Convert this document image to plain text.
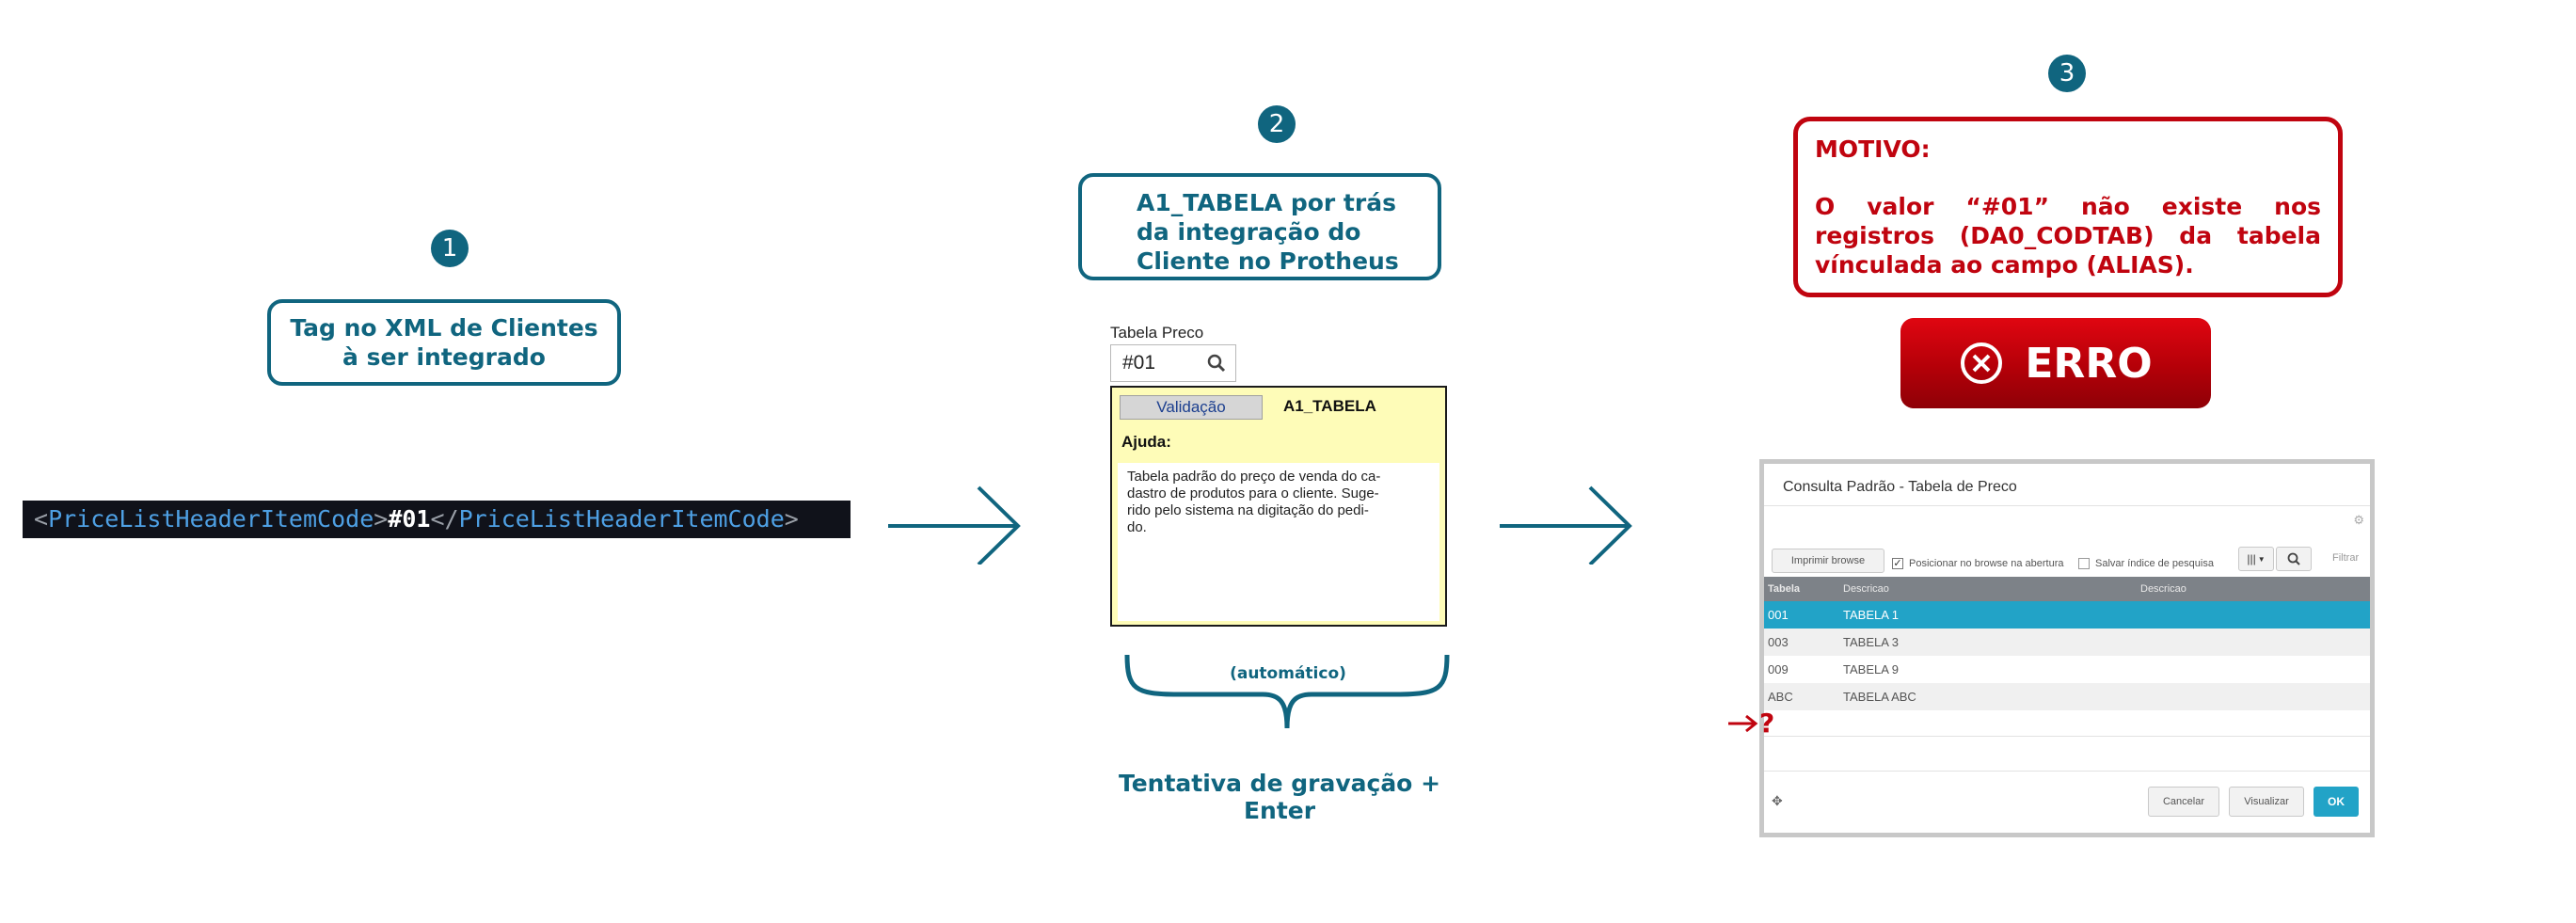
1
Tag no XML de Clientes à ser integrado
<PriceListHeaderItemCode>#01</PriceListHeaderItemCode>
2
A1_TABELA por trás da integração do Cliente no Protheus
Tabela Preco
#01
Validação	A1_TABELA
Ajuda:
Tabela padrão do preço de venda do ca-dastro de produtos para o cliente. Suge-rido pelo sistema na digitação do pedi-do.
(automático)
Tentativa de gravação + Enter
3
MOTIVO:
O valor “#01” não existe nos registros (DA0_CODTAB) da tabela vínculada ao campo (ALIAS).
ERRO
Consulta Padrão - Tabela de Preco
⚙
Imprimir browse	✓ Posicionar no browse na abertura	Salvar índice de pesquisa	||| ▼	Filtrar
Tabela	Descricao	Descricao
001	TABELA 1
003	TABELA 3
009	TABELA 9
ABC	TABELA ABC
✥	Cancelar	Visualizar	OK
?
